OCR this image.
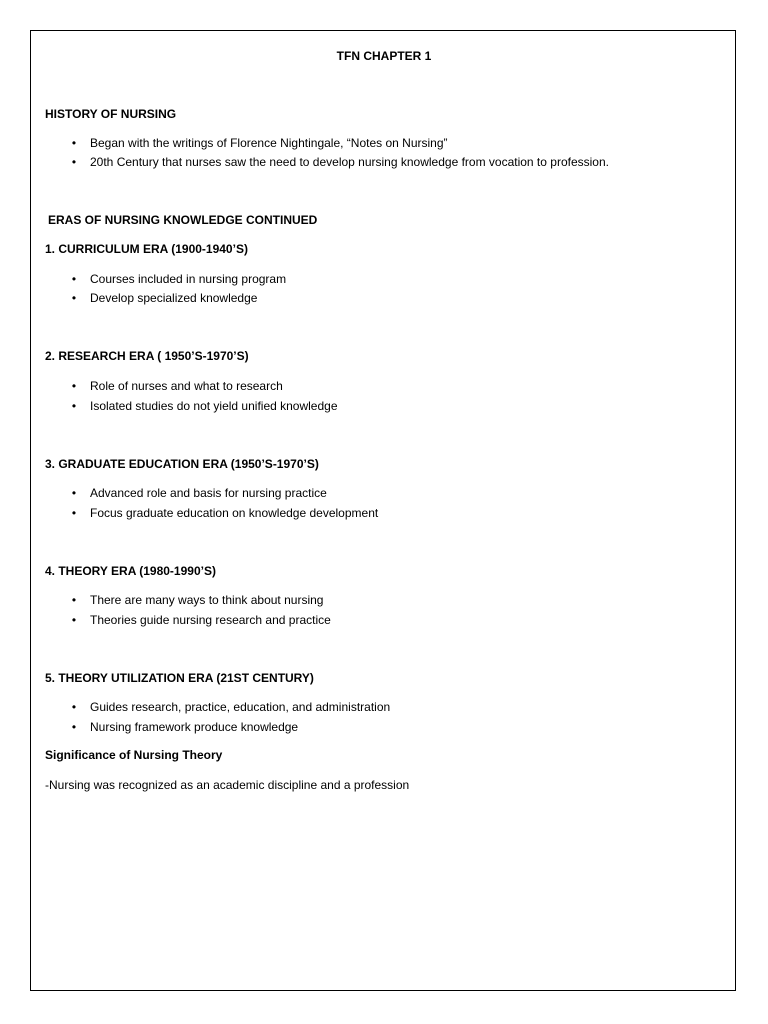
TFN CHAPTER 1
HISTORY OF NURSING
•	Began with the writings of Florence Nightingale, “Notes on Nursing”
•	20th Century that nurses saw the need to develop nursing knowledge from vocation to profession.
ERAS OF NURSING KNOWLEDGE CONTINUED
1. CURRICULUM ERA (1900-1940’S)
•	Courses included in nursing program
•	Develop specialized knowledge
2. RESEARCH ERA ( 1950’S-1970’S)
•	Role of nurses and what to research
•	Isolated studies do not yield unified knowledge
3. GRADUATE EDUCATION ERA (1950’S-1970’S)
•	Advanced role and basis for nursing practice
•	Focus graduate education on knowledge development
4. THEORY ERA (1980-1990’S)
•	There are many ways to think about nursing
•	Theories guide nursing research and practice
5. THEORY UTILIZATION ERA (21ST CENTURY)
•	Guides research, practice, education, and administration
•	Nursing framework produce knowledge
Significance of Nursing Theory
-Nursing was recognized as an academic discipline and a profession
